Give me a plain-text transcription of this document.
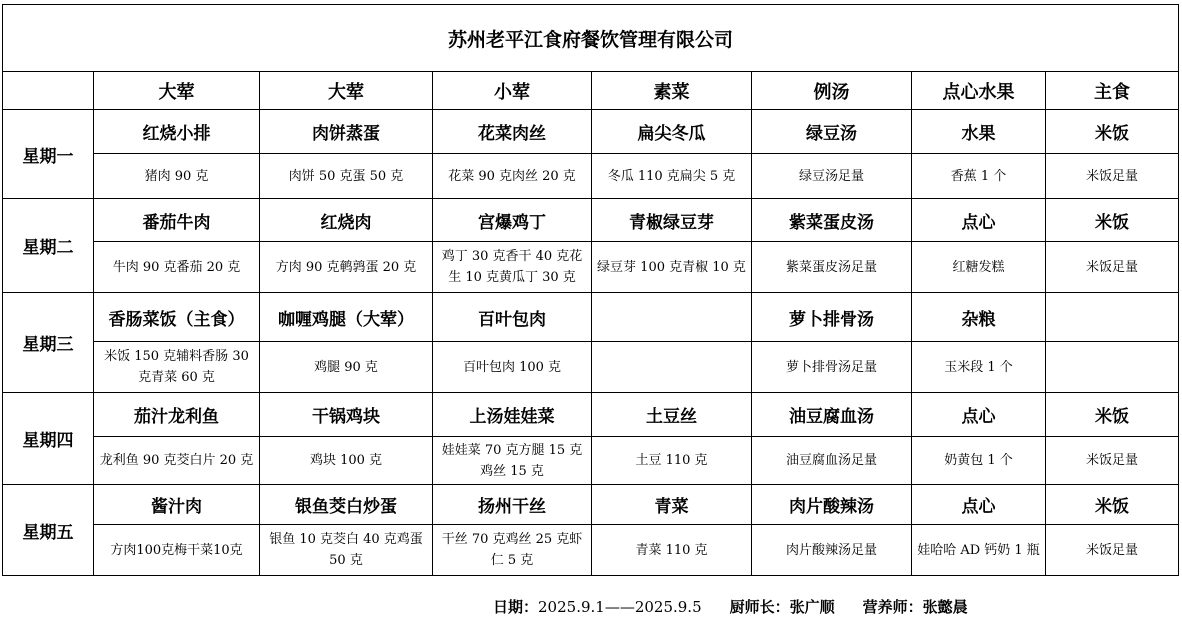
苏州老平江食府餐饮管理有限公司							
	大荤	大荤	小荤	素菜	例汤	点心水果	主食
星期一	红烧小排	肉饼蒸蛋	花菜肉丝	扁尖冬瓜	绿豆汤	水果	米饭
	猪肉 90 克	肉饼 50 克蛋 50 克	花菜 90 克肉丝 20 克	冬瓜 110 克扁尖 5 克	绿豆汤足量	香蕉 1 个	米饭足量
星期二	番茄牛肉	红烧肉	宫爆鸡丁	青椒绿豆芽	紫菜蛋皮汤	点心	米饭
	牛肉 90 克番茄 20 克	方肉 90 克鹌鹑蛋 20 克	鸡丁 30 克香干 40 克花生 10 克黄瓜丁 30 克	绿豆芽 100 克青椒 10 克	紫菜蛋皮汤足量	红糖发糕	米饭足量
星期三	香肠菜饭（主食）	咖喱鸡腿（大荤）	百叶包肉		萝卜排骨汤	杂粮	
	米饭 150 克辅料香肠 30 克青菜 60 克	鸡腿 90 克	百叶包肉 100 克		萝卜排骨汤足量	玉米段 1 个	
星期四	茄汁龙利鱼	干锅鸡块	上汤娃娃菜	土豆丝	油豆腐血汤	点心	米饭
	龙利鱼 90 克茭白片 20 克	鸡块 100 克	娃娃菜 70 克方腿 15 克鸡丝 15 克	土豆 110 克	油豆腐血汤足量	奶黄包 1 个	米饭足量
星期五	酱汁肉	银鱼茭白炒蛋	扬州干丝	青菜	肉片酸辣汤	点心	米饭
	方肉100克梅干菜10克	银鱼 10 克茭白 40 克鸡蛋 50 克	干丝 70 克鸡丝 25 克虾仁 5 克	青菜 110 克	肉片酸辣汤足量	娃哈哈 AD 钙奶 1 瓶	米饭足量
日期：2025.9.1——2025.9.5 厨师长：张广顺 营养师：张懿晨
